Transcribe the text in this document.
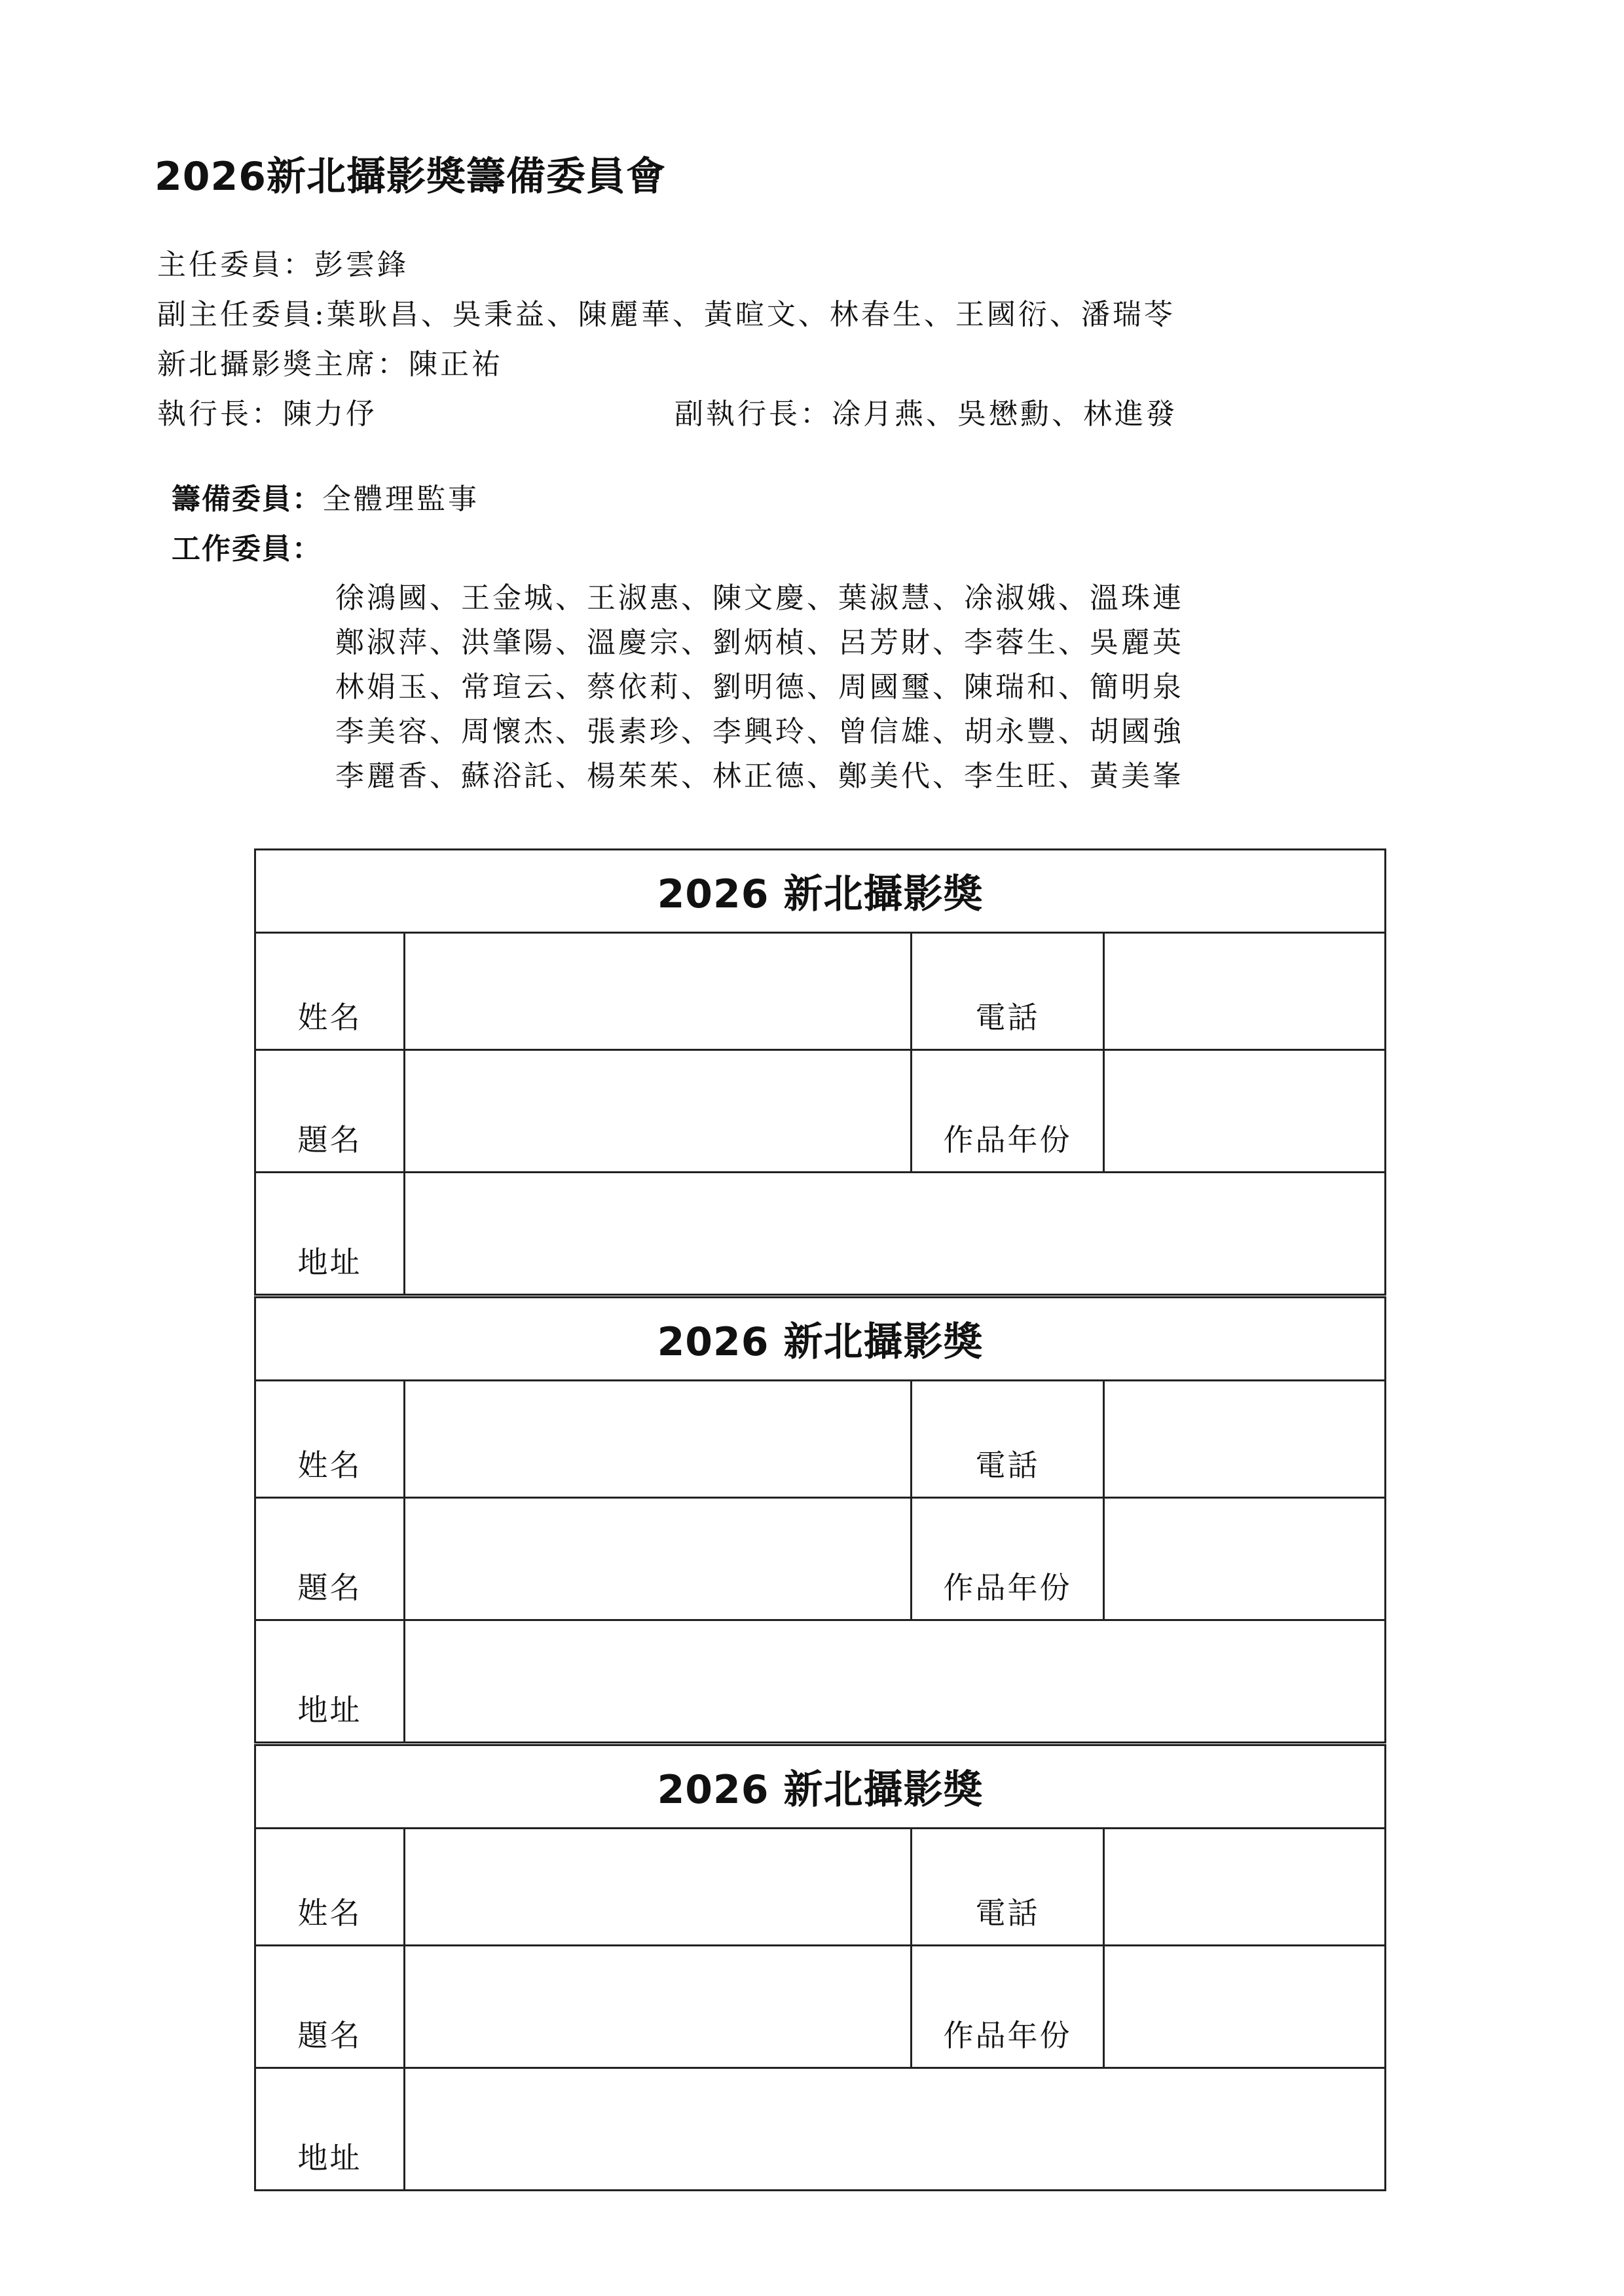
2026新北攝影獎籌備委員會
主任委員：彭雲鋒
副主任委員:葉耿昌、吳秉益、陳麗華、黃暄文、林春生、王國衍、潘瑞苓
新北攝影獎主席：陳正祐
執行長：陳力伃	副執行長：凃月燕、吳懋勳、林進發
籌備委員：全體理監事
工作委員：
徐鴻國、王金城、王淑惠、陳文慶、葉淑慧、凃淑娥、溫珠連
鄭淑萍、洪肇陽、溫慶宗、劉炳楨、呂芳財、李蓉生、吳麗英
林娟玉、常瑄云、蔡依莉、劉明德、周國璽、陳瑞和、簡明泉
李美容、周懷杰、張素珍、李興玲、曾信雄、胡永豐、胡國強
李麗香、蘇浴託、楊茱茱、林正德、鄭美代、李生旺、黃美峯
2026 新北攝影獎			
姓名		電話	
題名		作品年份	
地址			
2026 新北攝影獎			
姓名		電話	
題名		作品年份	
地址			
2026 新北攝影獎			
姓名		電話	
題名		作品年份	
地址			
